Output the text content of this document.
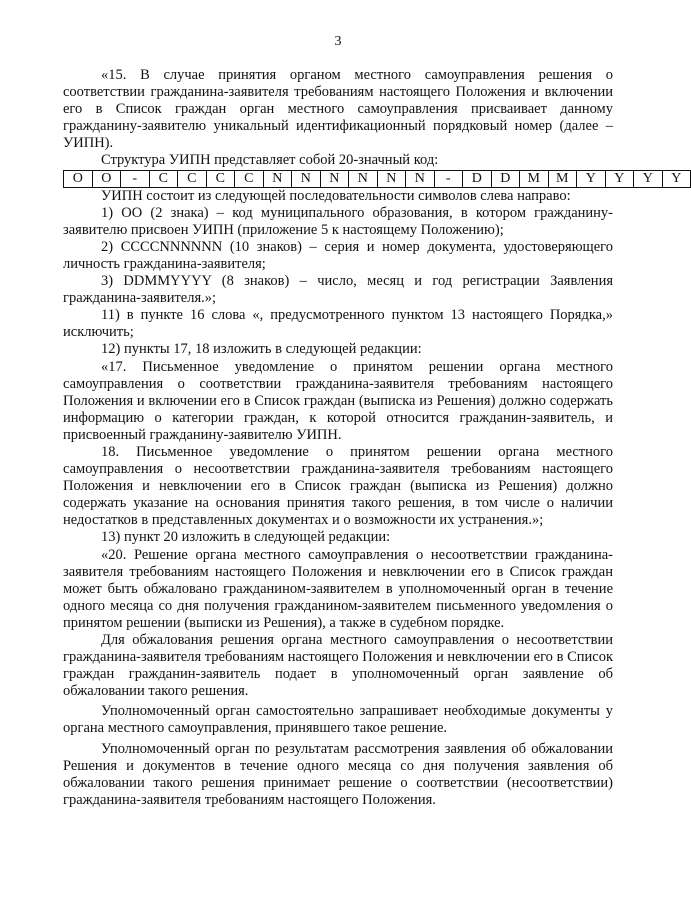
3

«15. В случае принятия органом местного самоуправления решения о соответствии гражданина-заявителя требованиям настоящего Положения и включении его в Список граждан орган местного самоуправления присваивает данному гражданину-заявителю уникальный идентификационный порядковый номер (далее – УИПН).

Структура УИПН представляет собой 20-значный код:

О	О	-	С	С	С	С	N	N	N	N	N	N	-	D	D	M	M	Y	Y	Y	Y

УИПН состоит из следующей последовательности символов слева направо:

1) ОО (2 знака) – код муниципального образования, в котором гражданину-заявителю присвоен УИПН (приложение 5 к настоящему Положению);

2) CCCCNNNNNN (10 знаков) – серия и номер документа, удостоверяющего личность гражданина-заявителя;

3) DDMMYYYY (8 знаков) – число, месяц и год регистрации Заявления гражданина-заявителя.»;

11) в пункте 16 слова «, предусмотренного пунктом 13 настоящего Порядка,» исключить;

12) пункты 17, 18 изложить в следующей редакции:

«17. Письменное уведомление о принятом решении органа местного самоуправления о соответствии гражданина-заявителя требованиям настоящего Положения и включении его в Список граждан (выписка из Решения) должно содержать информацию о категории граждан, к которой относится гражданин-заявитель, и присвоенный гражданину-заявителю УИПН.

18. Письменное уведомление о принятом решении органа местного самоуправления о несоответствии гражданина-заявителя требованиям настоящего Положения и невключении его в Список граждан (выписка из Решения) должно содержать указание на основания принятия такого решения, в том числе о наличии недостатков в представленных документах и о возможности их устранения.»;

13) пункт 20 изложить в следующей редакции:

«20. Решение органа местного самоуправления о несоответствии гражданина-заявителя требованиям настоящего Положения и невключении его в Список граждан может быть обжаловано гражданином-заявителем в уполномоченный орган в течение одного месяца со дня получения гражданином-заявителем письменного уведомления о принятом решении (выписки из Решения), а также в судебном порядке.

Для обжалования решения органа местного самоуправления о несоответствии гражданина-заявителя требованиям настоящего Положения и невключении его в Список граждан гражданин-заявитель подает в уполномоченный орган заявление об обжаловании такого решения.

Уполномоченный орган самостоятельно запрашивает необходимые документы у органа местного самоуправления, принявшего такое решение.

Уполномоченный орган по результатам рассмотрения заявления об обжаловании Решения и документов в течение одного месяца со дня получения заявления об обжаловании такого решения принимает решение о соответствии (несоответствии) гражданина-заявителя требованиям настоящего Положения.
